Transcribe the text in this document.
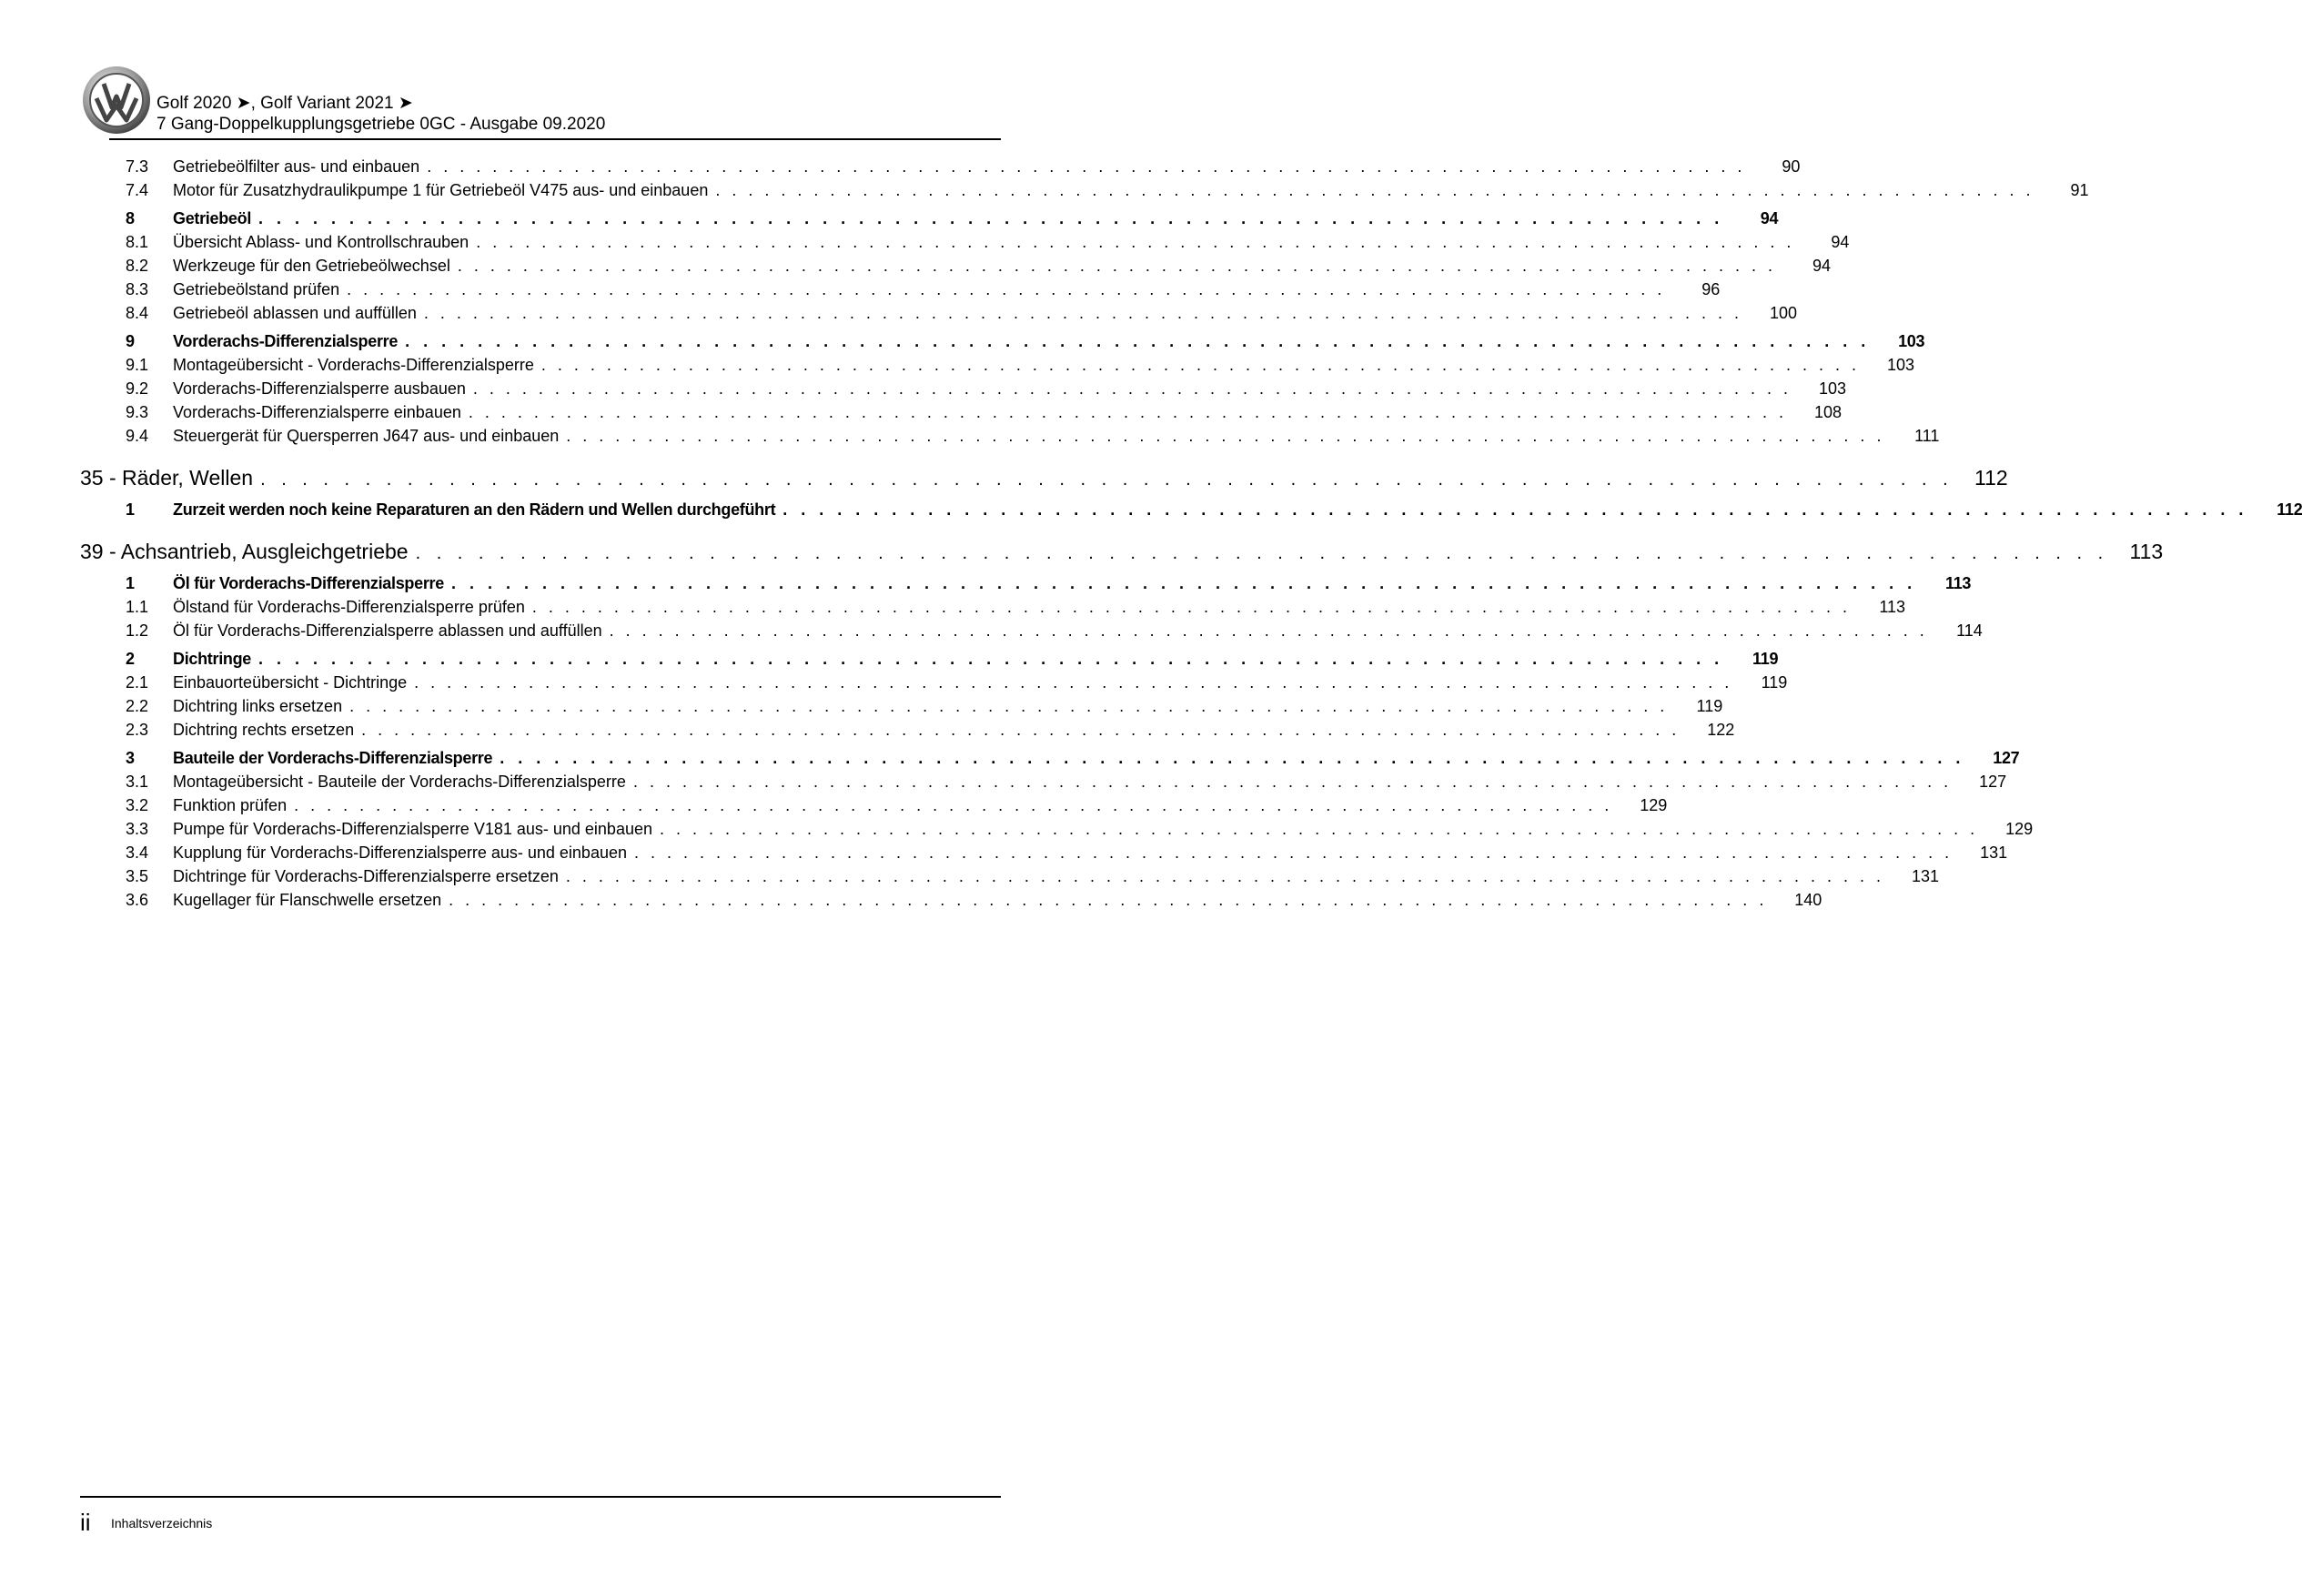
Golf 2020 ➤, Golf Variant 2021 ➤
7 Gang-Doppelkupplungsgetriebe 0GC - Ausgabe 09.2020
7.3	Getriebeölfilter aus- und einbauen . . . . . . . . . . . . . . . . . . . . . . . . . . . . . . . . . . . . . . . . . . . . . . . . . . . . . . . . . . . . . . . . . . . . . . . . . . . . . . . . .	90
7.4	Motor für Zusatzhydraulikpumpe 1 für Getriebeöl V475 aus- und einbauen . . . . . . . . . . . . . . . . . . . . . . . . . . . . . . . . . . . . . . . . . . . . . . . . . . . . . . . . . . . . . . . . . . . . . . . . . . . . . . . . .	91
8	Getriebeöl . . . . . . . . . . . . . . . . . . . . . . . . . . . . . . . . . . . . . . . . . . . . . . . . . . . . . . . . . . . . . . . . . . . . . . . . . . . . . . . . .	94
8.1	Übersicht Ablass- und Kontrollschrauben . . . . . . . . . . . . . . . . . . . . . . . . . . . . . . . . . . . . . . . . . . . . . . . . . . . . . . . . . . . . . . . . . . . . . . . . . . . . . . . . .	94
8.2	Werkzeuge für den Getriebeölwechsel . . . . . . . . . . . . . . . . . . . . . . . . . . . . . . . . . . . . . . . . . . . . . . . . . . . . . . . . . . . . . . . . . . . . . . . . . . . . . . . . .	94
8.3	Getriebeölstand prüfen . . . . . . . . . . . . . . . . . . . . . . . . . . . . . . . . . . . . . . . . . . . . . . . . . . . . . . . . . . . . . . . . . . . . . . . . . . . . . . . . .	96
8.4	Getriebeöl ablassen und auffüllen . . . . . . . . . . . . . . . . . . . . . . . . . . . . . . . . . . . . . . . . . . . . . . . . . . . . . . . . . . . . . . . . . . . . . . . . . . . . . . . . .	100
9	Vorderachs-Differenzialsperre . . . . . . . . . . . . . . . . . . . . . . . . . . . . . . . . . . . . . . . . . . . . . . . . . . . . . . . . . . . . . . . . . . . . . . . . . . . . . . . . .	103
9.1	Montageübersicht - Vorderachs-Differenzialsperre . . . . . . . . . . . . . . . . . . . . . . . . . . . . . . . . . . . . . . . . . . . . . . . . . . . . . . . . . . . . . . . . . . . . . . . . . . . . . . . . .	103
9.2	Vorderachs-Differenzialsperre ausbauen . . . . . . . . . . . . . . . . . . . . . . . . . . . . . . . . . . . . . . . . . . . . . . . . . . . . . . . . . . . . . . . . . . . . . . . . . . . . . . . . .	103
9.3	Vorderachs-Differenzialsperre einbauen . . . . . . . . . . . . . . . . . . . . . . . . . . . . . . . . . . . . . . . . . . . . . . . . . . . . . . . . . . . . . . . . . . . . . . . . . . . . . . . . .	108
9.4	Steuergerät für Quersperren J647 aus- und einbauen . . . . . . . . . . . . . . . . . . . . . . . . . . . . . . . . . . . . . . . . . . . . . . . . . . . . . . . . . . . . . . . . . . . . . . . . . . . . . . . . .	111
35 - Räder, Wellen . . . . . . . . . . . . . . . . . . . . . . . . . . . . . . . . . . . . . . . . . . . . . . . . . . . . . . . . . . . . . . . . . . . . . . . . . . . . . . . . .	112
1	Zurzeit werden noch keine Reparaturen an den Rädern und Wellen durchgeführt . . . . . . . . . . . . . . . . . . . . . . . . . . . . . . . . . . . . . . . . . . . . . . . . . . . . . . . . . . . . . . . . . . . . . . . . . . . . . . . . .	112
39 - Achsantrieb, Ausgleichgetriebe . . . . . . . . . . . . . . . . . . . . . . . . . . . . . . . . . . . . . . . . . . . . . . . . . . . . . . . . . . . . . . . . . . . . . . . . . . . . . . . . .	113
1	Öl für Vorderachs-Differenzialsperre . . . . . . . . . . . . . . . . . . . . . . . . . . . . . . . . . . . . . . . . . . . . . . . . . . . . . . . . . . . . . . . . . . . . . . . . . . . . . . . . .	113
1.1	Ölstand für Vorderachs-Differenzialsperre prüfen . . . . . . . . . . . . . . . . . . . . . . . . . . . . . . . . . . . . . . . . . . . . . . . . . . . . . . . . . . . . . . . . . . . . . . . . . . . . . . . . .	113
1.2	Öl für Vorderachs-Differenzialsperre ablassen und auffüllen . . . . . . . . . . . . . . . . . . . . . . . . . . . . . . . . . . . . . . . . . . . . . . . . . . . . . . . . . . . . . . . . . . . . . . . . . . . . . . . . .	114
2	Dichtringe . . . . . . . . . . . . . . . . . . . . . . . . . . . . . . . . . . . . . . . . . . . . . . . . . . . . . . . . . . . . . . . . . . . . . . . . . . . . . . . . .	119
2.1	Einbauorteübersicht - Dichtringe . . . . . . . . . . . . . . . . . . . . . . . . . . . . . . . . . . . . . . . . . . . . . . . . . . . . . . . . . . . . . . . . . . . . . . . . . . . . . . . . .	119
2.2	Dichtring links ersetzen . . . . . . . . . . . . . . . . . . . . . . . . . . . . . . . . . . . . . . . . . . . . . . . . . . . . . . . . . . . . . . . . . . . . . . . . . . . . . . . . .	119
2.3	Dichtring rechts ersetzen . . . . . . . . . . . . . . . . . . . . . . . . . . . . . . . . . . . . . . . . . . . . . . . . . . . . . . . . . . . . . . . . . . . . . . . . . . . . . . . . .	122
3	Bauteile der Vorderachs-Differenzialsperre . . . . . . . . . . . . . . . . . . . . . . . . . . . . . . . . . . . . . . . . . . . . . . . . . . . . . . . . . . . . . . . . . . . . . . . . . . . . . . . . .	127
3.1	Montageübersicht - Bauteile der Vorderachs-Differenzialsperre . . . . . . . . . . . . . . . . . . . . . . . . . . . . . . . . . . . . . . . . . . . . . . . . . . . . . . . . . . . . . . . . . . . . . . . . . . . . . . . . .	127
3.2	Funktion prüfen . . . . . . . . . . . . . . . . . . . . . . . . . . . . . . . . . . . . . . . . . . . . . . . . . . . . . . . . . . . . . . . . . . . . . . . . . . . . . . . . .	129
3.3	Pumpe für Vorderachs-Differenzialsperre V181 aus- und einbauen . . . . . . . . . . . . . . . . . . . . . . . . . . . . . . . . . . . . . . . . . . . . . . . . . . . . . . . . . . . . . . . . . . . . . . . . . . . . . . . . .	129
3.4	Kupplung für Vorderachs-Differenzialsperre aus- und einbauen . . . . . . . . . . . . . . . . . . . . . . . . . . . . . . . . . . . . . . . . . . . . . . . . . . . . . . . . . . . . . . . . . . . . . . . . . . . . . . . . .	131
3.5	Dichtringe für Vorderachs-Differenzialsperre ersetzen . . . . . . . . . . . . . . . . . . . . . . . . . . . . . . . . . . . . . . . . . . . . . . . . . . . . . . . . . . . . . . . . . . . . . . . . . . . . . . . . .	131
3.6	Kugellager für Flanschwelle ersetzen . . . . . . . . . . . . . . . . . . . . . . . . . . . . . . . . . . . . . . . . . . . . . . . . . . . . . . . . . . . . . . . . . . . . . . . . . . . . . . . . .	140
ii Inhaltsverzeichnis
